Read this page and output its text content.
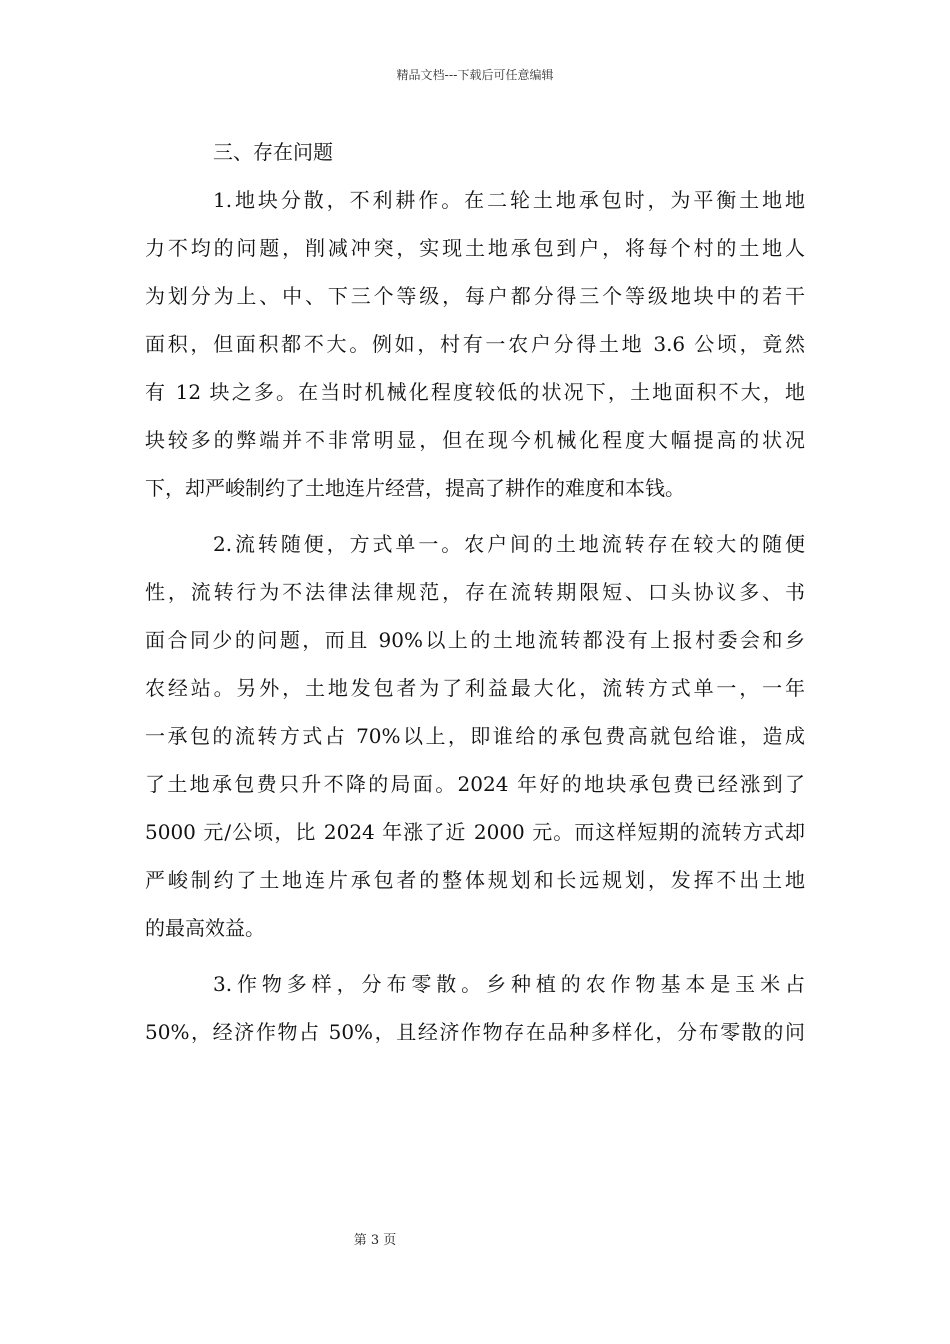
精品文档---下载后可任意编辑

三、存在问题

1.地块分散，不利耕作。在二轮土地承包时，为平衡土地地
力不均的问题，削减冲突，实现土地承包到户，将每个村的土地人
为划分为上、中、下三个等级，每户都分得三个等级地块中的若干
面积，但面积都不大。例如，村有一农户分得土地 3.6 公顷，竟然
有 12 块之多。在当时机械化程度较低的状况下，土地面积不大，地
块较多的弊端并不非常明显，但在现今机械化程度大幅提高的状况
下，却严峻制约了土地连片经营，提高了耕作的难度和本钱。
2.流转随便，方式单一。农户间的土地流转存在较大的随便
性，流转行为不法律法律规范，存在流转期限短、口头协议多、书
面合同少的问题，而且 90%以上的土地流转都没有上报村委会和乡
农经站。另外，土地发包者为了利益最大化，流转方式单一，一年
一承包的流转方式占 70%以上，即谁给的承包费高就包给谁，造成
了土地承包费只升不降的局面。2024 年好的地块承包费已经涨到了
5000 元/公顷，比 2024 年涨了近 2000 元。而这样短期的流转方式却
严峻制约了土地连片承包者的整体规划和长远规划，发挥不出土地
的最高效益。
3.作物多样，分布零散。乡种植的农作物基本是玉米占
50%，经济作物占 50%，且经济作物存在品种多样化，分布零散的问
第 3 页
